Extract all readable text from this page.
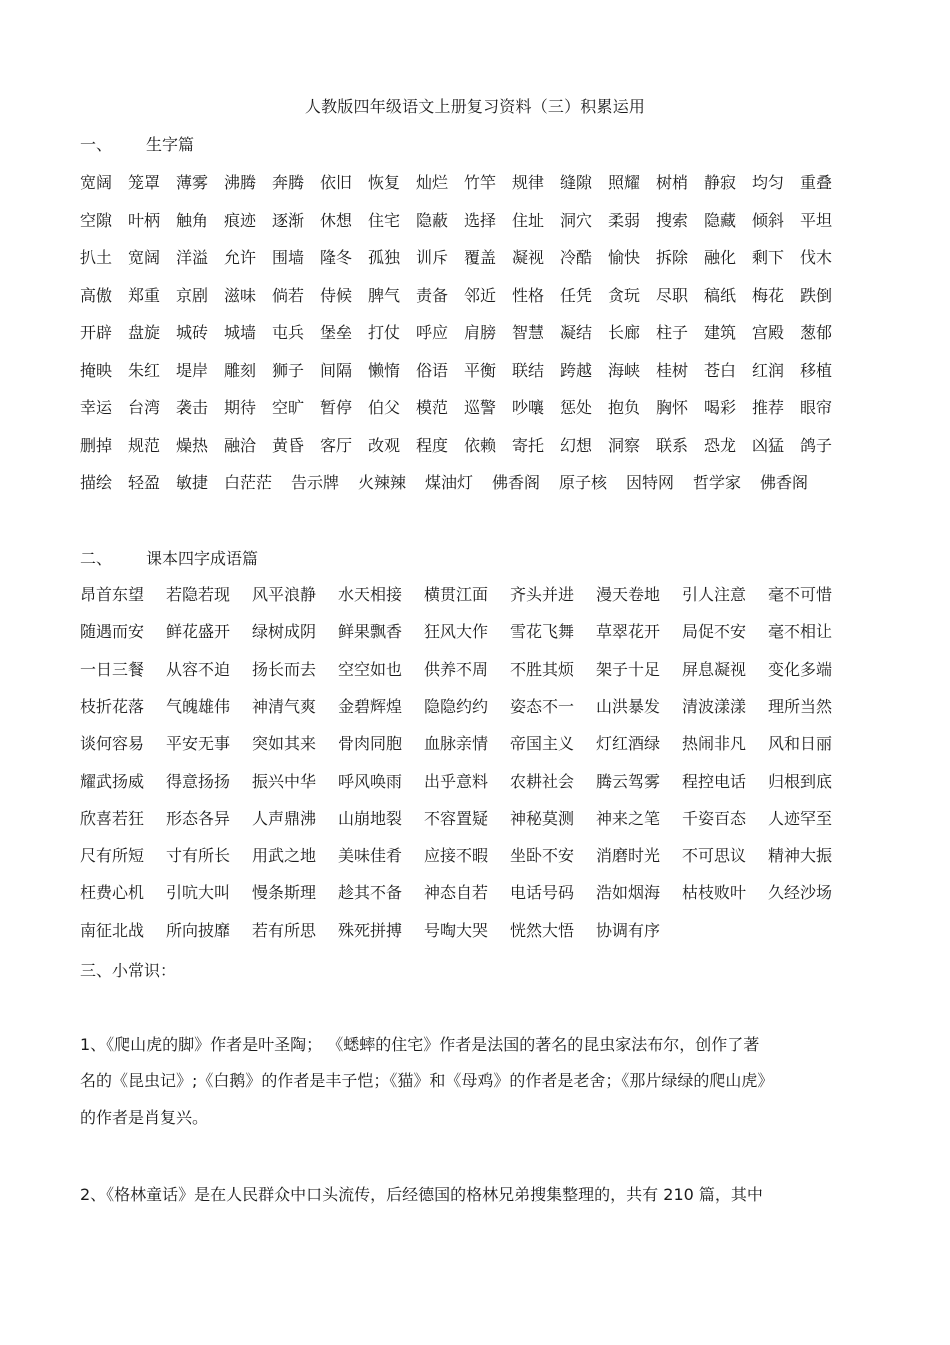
人教版四年级语文上册复习资料（三）积累运用
一、 生字篇
宽阔 笼罩 薄雾 沸腾 奔腾 依旧 恢复 灿烂 竹竿 规律 缝隙 照耀 树梢 静寂 均匀 重叠
空隙 叶柄 触角 痕迹 逐渐 休想 住宅 隐蔽 选择 住址 洞穴 柔弱 搜索 隐藏 倾斜 平坦
扒土 宽阔 洋溢 允许 围墙 隆冬 孤独 训斥 覆盖 凝视 冷酷 愉快 拆除 融化 剩下 伐木
高傲 郑重 京剧 滋味 倘若 侍候 脾气 责备 邻近 性格 任凭 贪玩 尽职 稿纸 梅花 跌倒
开辟 盘旋 城砖 城墙 屯兵 堡垒 打仗 呼应 肩膀 智慧 凝结 长廊 柱子 建筑 宫殿 葱郁
掩映 朱红 堤岸 雕刻 狮子 间隔 懒惰 俗语 平衡 联结 跨越 海峡 桂树 苍白 红润 移植
幸运 台湾 袭击 期待 空旷 暂停 伯父 模范 巡警 吵嚷 惩处 抱负 胸怀 喝彩 推荐 眼帘
删掉 规范 燥热 融洽 黄昏 客厅 改观 程度 依赖 寄托 幻想 洞察 联系 恐龙 凶猛 鸽子
描绘 轻盈 敏捷 白茫茫 告示牌 火辣辣 煤油灯 佛香阁 原子核 因特网 哲学家 佛香阁
二、 课本四字成语篇
昂首东望 若隐若现 风平浪静 水天相接 横贯江面 齐头并进 漫天卷地 引人注意 毫不可惜
随遇而安 鲜花盛开 绿树成阴 鲜果飘香 狂风大作 雪花飞舞 草翠花开 局促不安 毫不相让
一日三餐 从容不迫 扬长而去 空空如也 供养不周 不胜其烦 架子十足 屏息凝视 变化多端
枝折花落 气魄雄伟 神清气爽 金碧辉煌 隐隐约约 姿态不一 山洪暴发 清波漾漾 理所当然
谈何容易 平安无事 突如其来 骨肉同胞 血脉亲情 帝国主义 灯红酒绿 热闹非凡 风和日丽
耀武扬威 得意扬扬 振兴中华 呼风唤雨 出乎意料 农耕社会 腾云驾雾 程控电话 归根到底
欣喜若狂 形态各异 人声鼎沸 山崩地裂 不容置疑 神秘莫测 神来之笔 千姿百态 人迹罕至
尺有所短 寸有所长 用武之地 美味佳肴 应接不暇 坐卧不安 消磨时光 不可思议 精神大振
枉费心机 引吭大叫 慢条斯理 趁其不备 神态自若 电话号码 浩如烟海 枯枝败叶 久经沙场
南征北战 所向披靡 若有所思 殊死拼搏 号啕大哭 恍然大悟 协调有序
三、小常识：
1、《爬山虎的脚》作者是叶圣陶； 《蟋蟀的住宅》作者是法国的著名的昆虫家法布尔，创作了著
名的《昆虫记》;《白鹅》的作者是丰子恺；《猫》和《母鸡》的作者是老舍；《那片绿绿的爬山虎》
的作者是肖复兴。
2、《格林童话》是在人民群众中口头流传，后经德国的格林兄弟搜集整理的，共有 210 篇，其中
